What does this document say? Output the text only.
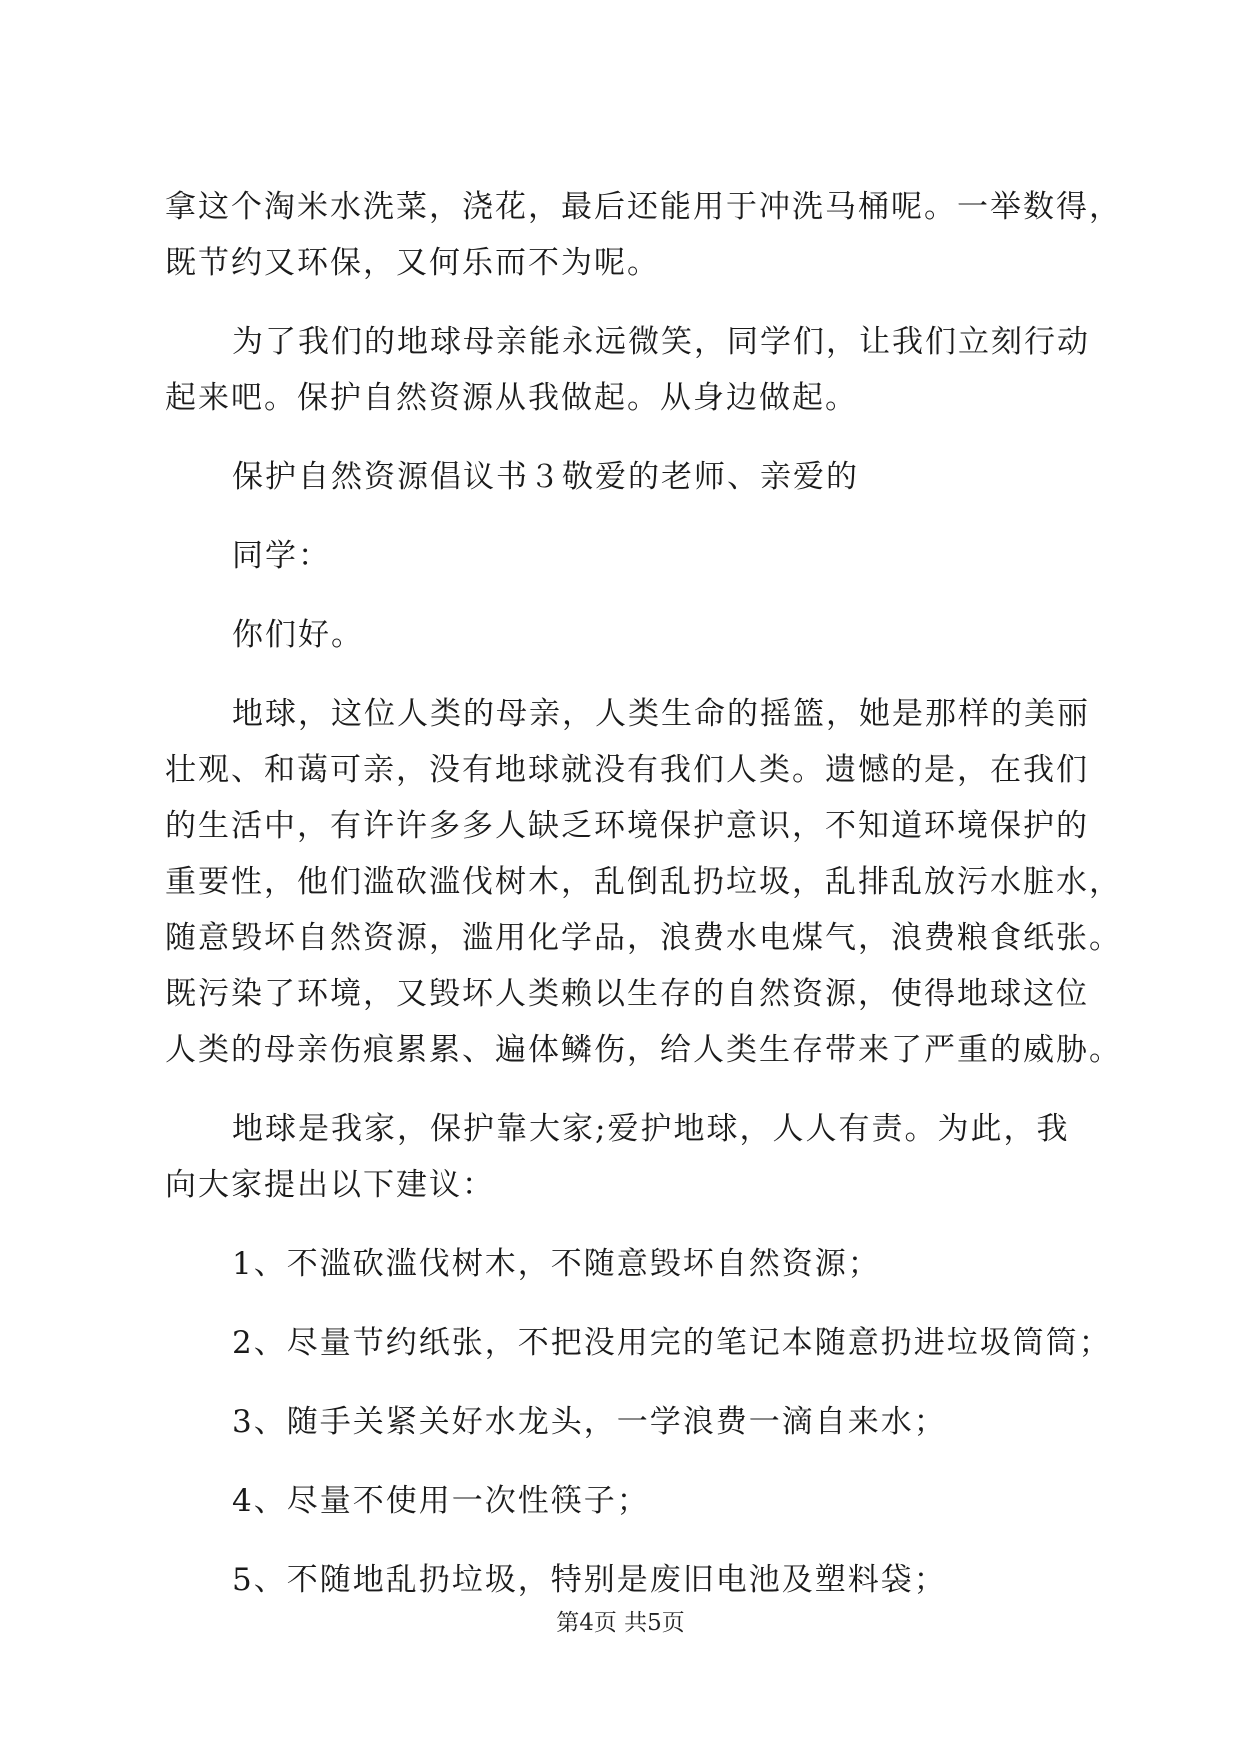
拿这个淘米水洗菜，浇花，最后还能用于冲洗马桶呢。一举数得，
既节约又环保，又何乐而不为呢。
为了我们的地球母亲能永远微笑，同学们，让我们立刻行动
起来吧。保护自然资源从我做起。从身边做起。
保护自然资源倡议书３敬爱的老师、亲爱的
同学：
你们好。
地球，这位人类的母亲，人类生命的摇篮，她是那样的美丽
壮观、和蔼可亲，没有地球就没有我们人类。遗憾的是，在我们
的生活中，有许许多多人缺乏环境保护意识，不知道环境保护的
重要性，他们滥砍滥伐树木，乱倒乱扔垃圾，乱排乱放污水脏水，
随意毁坏自然资源，滥用化学品，浪费水电煤气，浪费粮食纸张。
既污染了环境，又毁坏人类赖以生存的自然资源，使得地球这位
人类的母亲伤痕累累、遍体鳞伤，给人类生存带来了严重的威胁。
地球是我家，保护靠大家;爱护地球，人人有责。为此，我
向大家提出以下建议：
1、不滥砍滥伐树木，不随意毁坏自然资源；
2、尽量节约纸张，不把没用完的笔记本随意扔进垃圾筒筒；
3、随手关紧关好水龙头，一学浪费一滴自来水；
4、尽量不使用一次性筷子；
5、不随地乱扔垃圾，特别是废旧电池及塑料袋；
第4页 共5页
